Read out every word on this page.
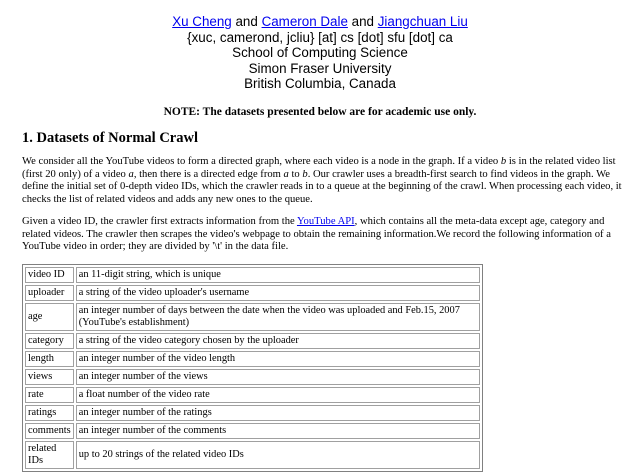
Xu Cheng and Cameron Dale and Jiangchuan Liu
{xuc, camerond, jcliu} [at] cs [dot] sfu [dot] ca
School of Computing Science
Simon Fraser University
British Columbia, Canada
NOTE: The datasets presented below are for academic use only.
1. Datasets of Normal Crawl

We consider all the YouTube videos to form a directed graph, where each video is a node in the graph. If a video b is in the related video list (first 20 only) of a video a, then there is a directed edge from a to b. Our crawler uses a breadth-first search to find videos in the graph. We define the initial set of 0-depth video IDs, which the crawler reads in to a queue at the beginning of the crawl. When processing each video, it checks the list of related videos and adds any new ones to the queue.

Given a video ID, the crawler first extracts information from the YouTube API, which contains all the meta-data except age, category and related videos. The crawler then scrapes the video's webpage to obtain the remaining information.We record the following information of a YouTube video in order; they are divided by '\t' in the data file.

video ID	an 11-digit string, which is unique
uploader	a string of the video uploader's username
age	an integer number of days between the date when the video was uploaded and Feb.15, 2007 (YouTube's establishment)
category	a string of the video category chosen by the uploader
length	an integer number of the video length
views	an integer number of the views
rate	a float number of the video rate
ratings	an integer number of the ratings
comments	an integer number of the comments
related IDs	up to 20 strings of the related video IDs
